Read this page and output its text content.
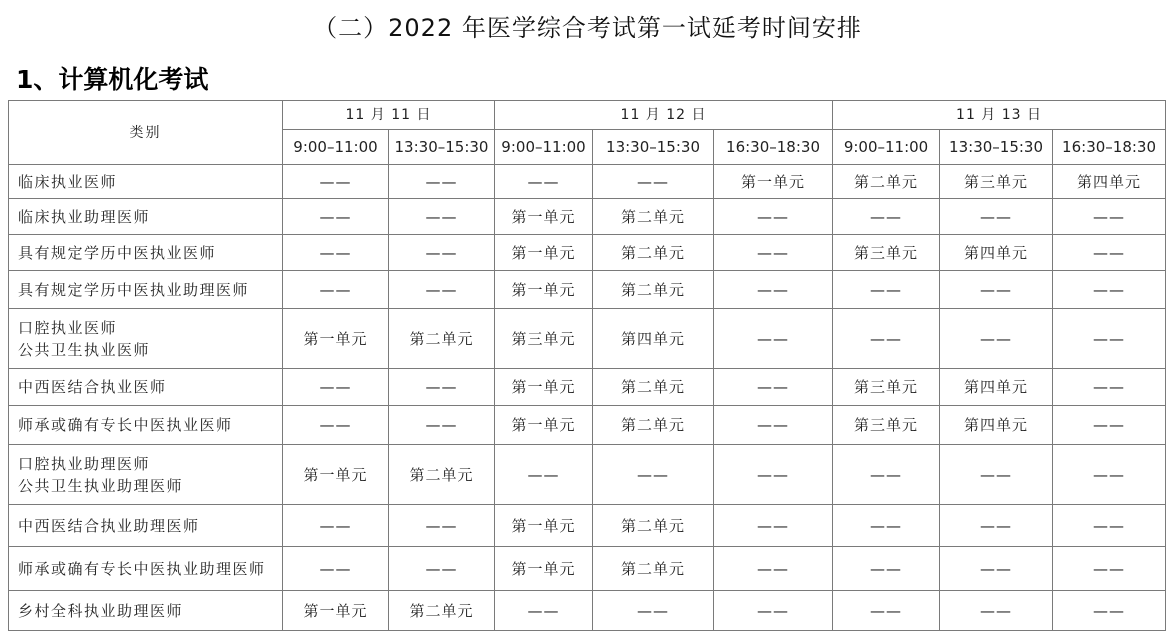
（二）2022 年医学综合考试第一试延考时间安排
1、计算机化考试
类别	11 月 11 日		11 月 12 日			11 月 13 日		
	9:00–11:00	13:30–15:30	9:00–11:00	13:30–15:30	16:30–18:30	9:00–11:00	13:30–15:30	16:30–18:30

临床执业医师	——	——	——	——	第一单元	第二单元	第三单元	第四单元

临床执业助理医师	——	——	第一单元	第二单元	——	——	——	——

具有规定学历中医执业医师	——	——	第一单元	第二单元	——	第三单元	第四单元	——

具有规定学历中医执业助理医师	——	——	第一单元	第二单元	——	——	——	——

口腔执业医师
公共卫生执业医师	第一单元	第二单元	第三单元	第四单元	——	——	——	——

中西医结合执业医师	——	——	第一单元	第二单元	——	第三单元	第四单元	——

师承或确有专长中医执业医师	——	——	第一单元	第二单元	——	第三单元	第四单元	——

口腔执业助理医师
公共卫生执业助理医师	第一单元	第二单元	——	——	——	——	——	——

中西医结合执业助理医师	——	——	第一单元	第二单元	——	——	——	——

师承或确有专长中医执业助理医师	——	——	第一单元	第二单元	——	——	——	——

乡村全科执业助理医师	第一单元	第二单元	——	——	——	——	——	——
